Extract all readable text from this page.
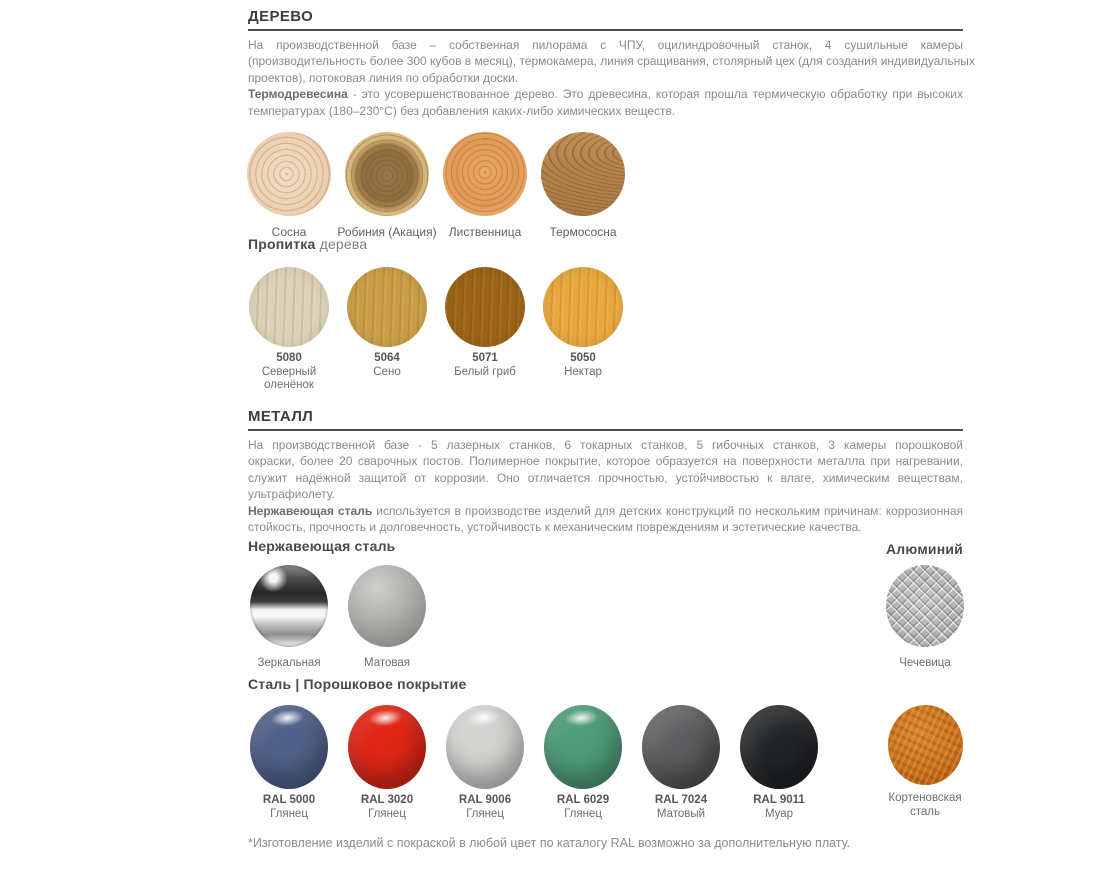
ДЕРЕВО
На производственной базе – собственная пилорама с ЧПУ, оцилиндровочный станок, 4 сушильные камеры
(производительность более 300 кубов в месяц), термокамера, линия сращивания, столярный цех (для создания индивидуальных
проектов), потоковая линия по обработки доски.
Термодревесина - это усовершенствованное дерево. Это древесина, которая прошла термическую обработку при высоких
температурах (180–230°С) без добавления каких-либо химических веществ.
Сосна	Робиния (Акация) Лиственница Термососна
Пропитка дерева
5080
Северный оленёнок
5064
Сено
5071
Белый гриб
5050
Нектар
МЕТАЛЛ
На производственной базе - 5 лазерных станков, 6 токарных станков, 5 гибочных станков, 3 камеры порошковой
окраски, более 20 сварочных постов. Полимерное покрытие, которое образуется на поверхности металла при нагревании,
служит надёжной защитой от коррозии. Оно отличается прочностью, устойчивостью к влаге, химическим веществам,
ультрафиолету.
Нержавеющая сталь используется в производстве изделий для детских конструкций по нескольким причинам: коррозионная
стойкость, прочность и долговечность, устойчивость к механическим повреждениям и эстетические качества.
Нержавеющая сталь	Алюминий
Зеркальная	Матовая	Чечевица
Сталь | Порошковое покрытие
RAL 5000
Глянец
RAL 3020
Глянец
RAL 9006
Глянец
RAL 6029
Глянец
RAL 7024
Матовый
RAL 9011
Муар
Кортеновская
сталь
*Изготовление изделий с покраской в любой цвет по каталогу RAL возможно за дополнительную плату.
